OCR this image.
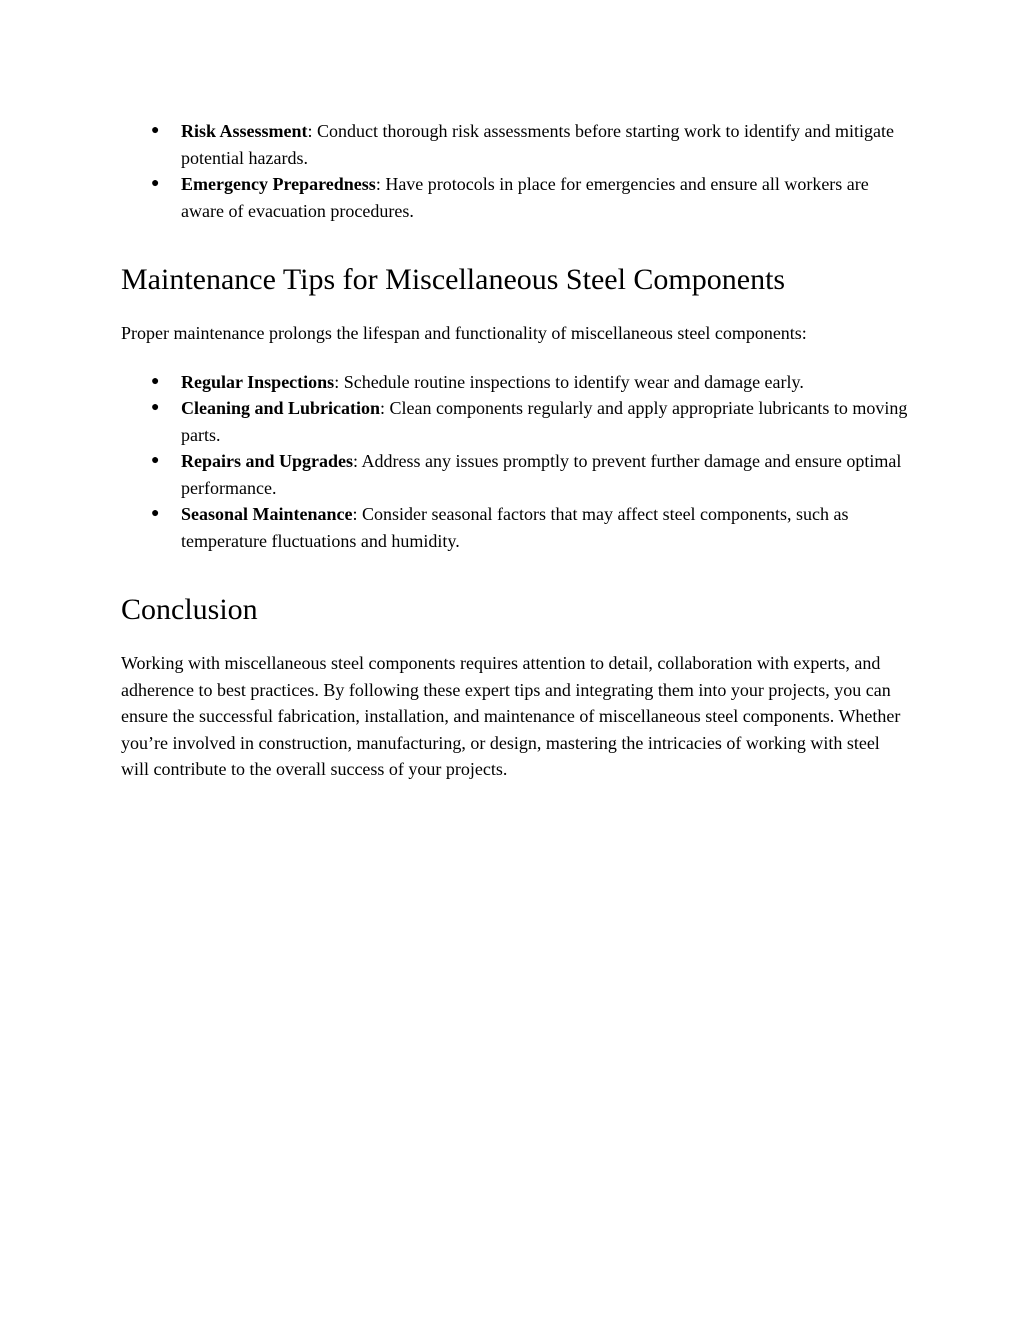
● Risk Assessment: Conduct thorough risk assessments before starting work to identify and mitigate potential hazards.
● Emergency Preparedness: Have protocols in place for emergencies and ensure all workers are aware of evacuation procedures.
Maintenance Tips for Miscellaneous Steel Components

Proper maintenance prolongs the lifespan and functionality of miscellaneous steel components:

● Regular Inspections: Schedule routine inspections to identify wear and damage early.
● Cleaning and Lubrication: Clean components regularly and apply appropriate lubricants to moving parts.
● Repairs and Upgrades: Address any issues promptly to prevent further damage and ensure optimal performance.
● Seasonal Maintenance: Consider seasonal factors that may affect steel components, such as temperature fluctuations and humidity.
Conclusion

Working with miscellaneous steel components requires attention to detail, collaboration with experts, and adherence to best practices. By following these expert tips and integrating them into your projects, you can ensure the successful fabrication, installation, and maintenance of miscellaneous steel components. Whether you’re involved in construction, manufacturing, or design, mastering the intricacies of working with steel will contribute to the overall success of your projects.
